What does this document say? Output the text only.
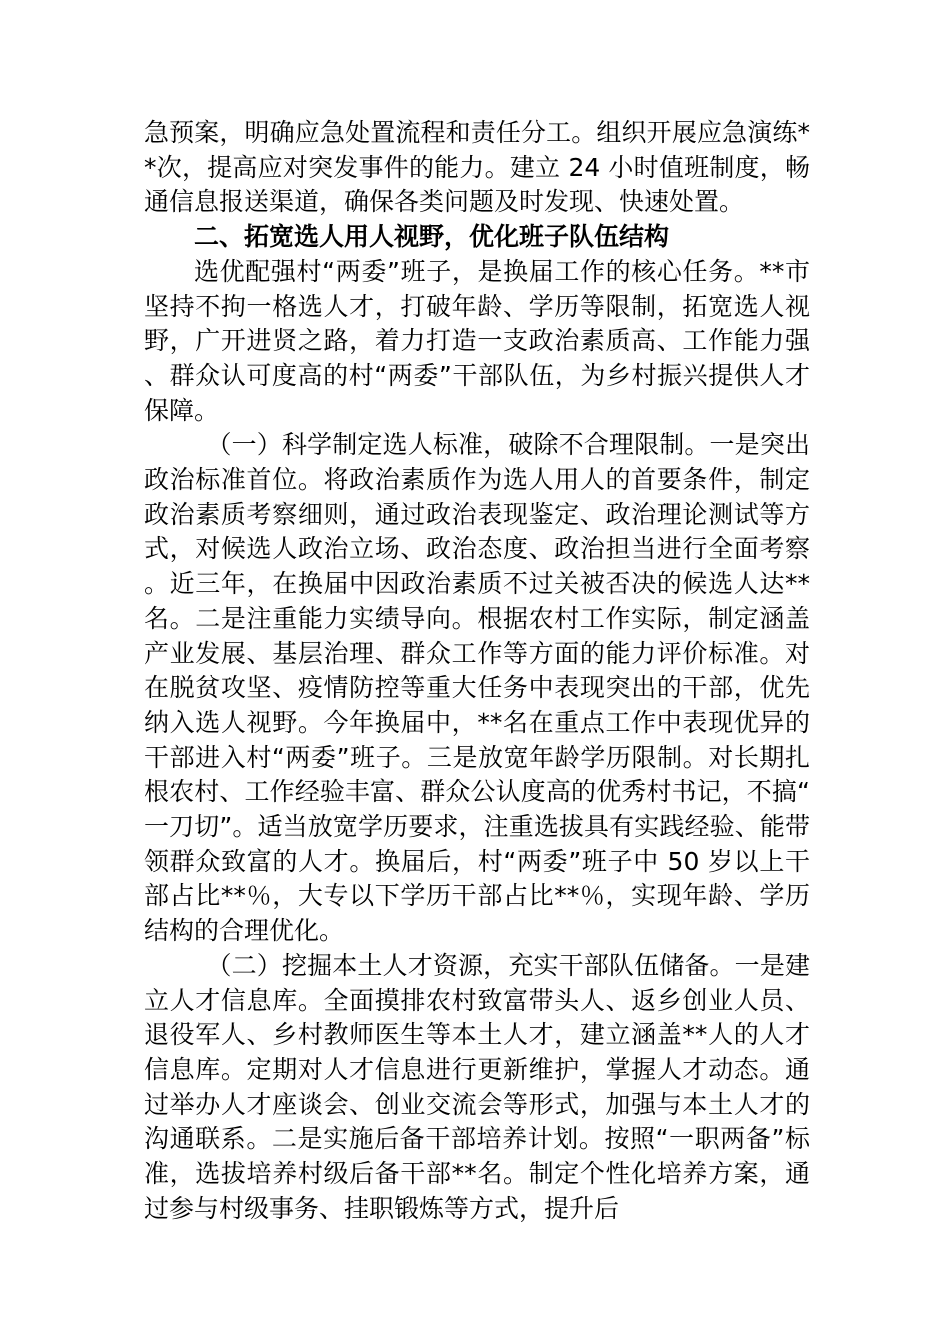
急预案，明确应急处置流程和责任分工。组织开展应急演练**次，提高应对突发事件的能力。建立 24 小时值班制度，畅通信息报送渠道，确保各类问题及时发现、快速处置。

二、拓宽选人用人视野，优化班子队伍结构

选优配强村“两委”班子，是换届工作的核心任务。**市坚持不拘一格选人才，打破年龄、学历等限制，拓宽选人视野，广开进贤之路，着力打造一支政治素质高、工作能力强、群众认可度高的村“两委”干部队伍，为乡村振兴提供人才保障。

（一）科学制定选人标准，破除不合理限制。一是突出政治标准首位。将政治素质作为选人用人的首要条件，制定政治素质考察细则，通过政治表现鉴定、政治理论测试等方式，对候选人政治立场、政治态度、政治担当进行全面考察。近三年，在换届中因政治素质不过关被否决的候选人达**名。二是注重能力实绩导向。根据农村工作实际，制定涵盖产业发展、基层治理、群众工作等方面的能力评价标准。对在脱贫攻坚、疫情防控等重大任务中表现突出的干部，优先纳入选人视野。今年换届中，**名在重点工作中表现优异的干部进入村“两委”班子。三是放宽年龄学历限制。对长期扎根农村、工作经验丰富、群众公认度高的优秀村书记，不搞“一刀切”。适当放宽学历要求，注重选拔具有实践经验、能带领群众致富的人才。换届后，村“两委”班子中 50 岁以上干部占比**％，大专以下学历干部占比**％，实现年龄、学历结构的合理优化。

（二）挖掘本土人才资源，充实干部队伍储备。一是建立人才信息库。全面摸排农村致富带头人、返乡创业人员、退役军人、乡村教师医生等本土人才，建立涵盖**人的人才信息库。定期对人才信息进行更新维护，掌握人才动态。通过举办人才座谈会、创业交流会等形式，加强与本土人才的沟通联系。二是实施后备干部培养计划。按照“一职两备”标准，选拔培养村级后备干部**名。制定个性化培养方案，通过参与村级事务、挂职锻炼等方式，提升后
